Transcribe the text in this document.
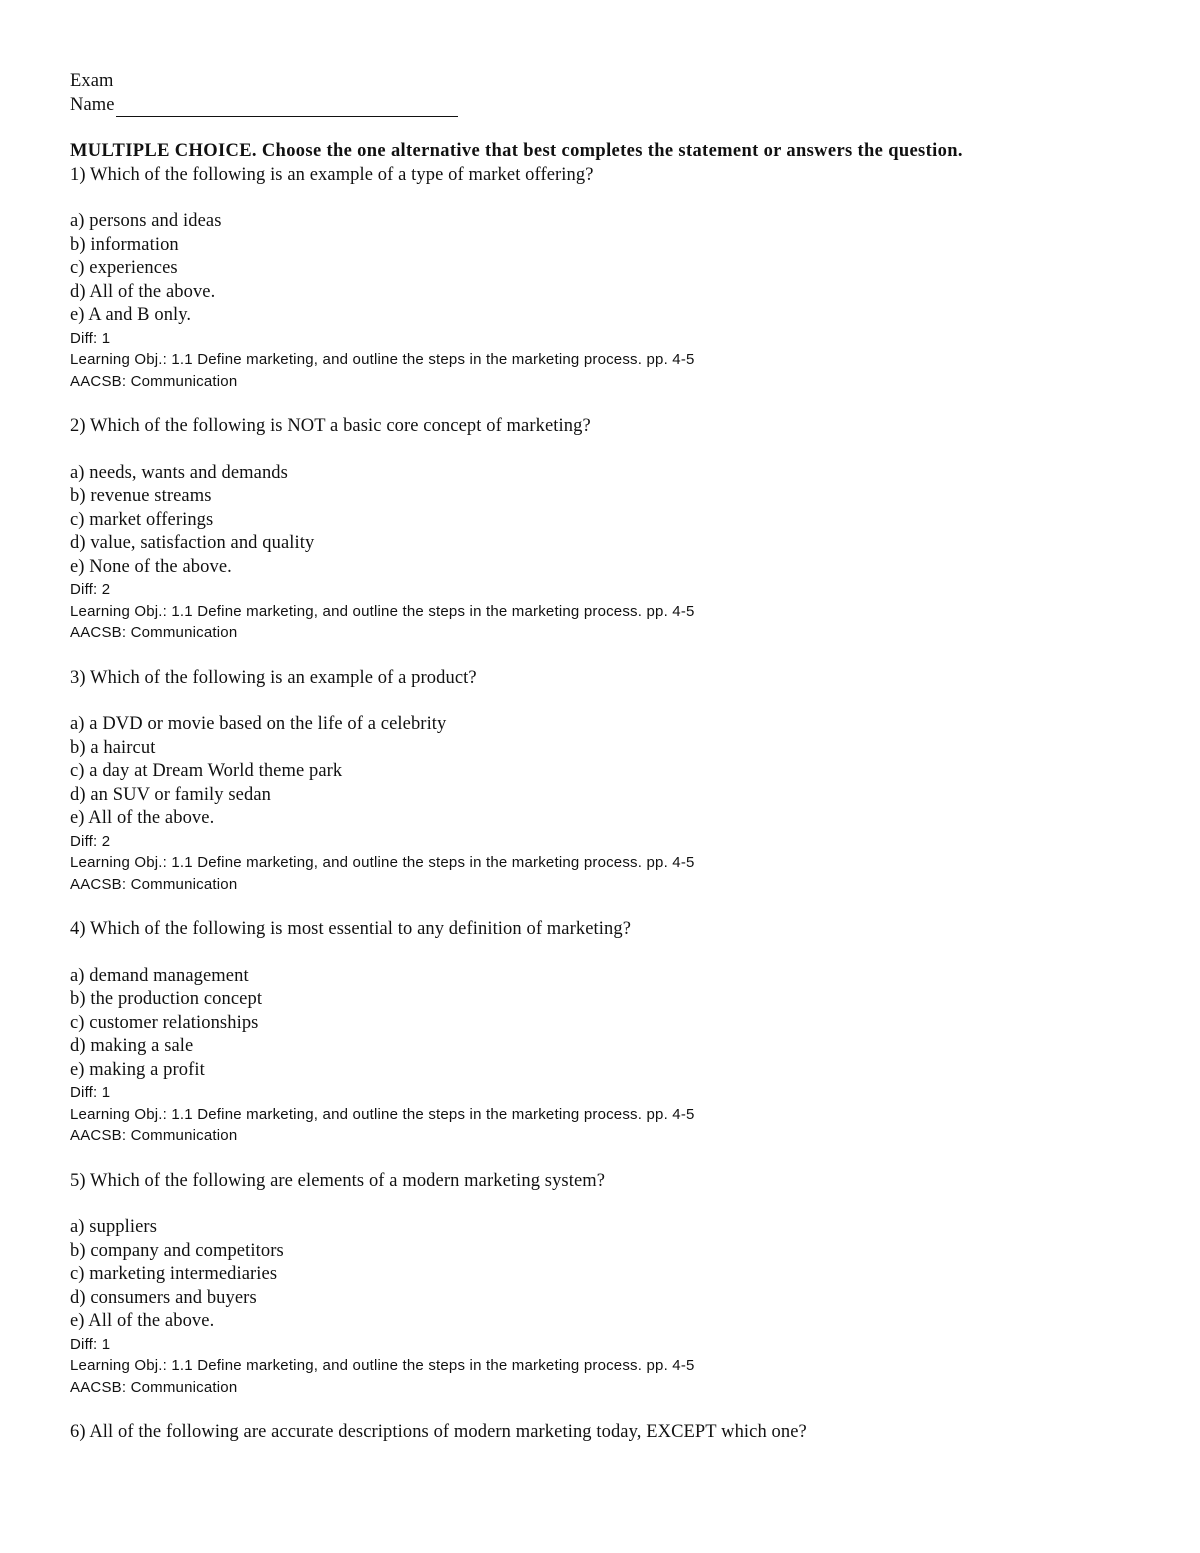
Exam
Name
MULTIPLE CHOICE. Choose the one alternative that best completes the statement or answers the question.
1) Which of the following is an example of a type of market offering?
a) persons and ideas
b) information
c) experiences
d) All of the above.
e) A and B only.
Diff: 1
Learning Obj.: 1.1 Define marketing, and outline the steps in the marketing process. pp. 4-5
AACSB: Communication
2) Which of the following is NOT a basic core concept of marketing?
a) needs, wants and demands
b) revenue streams
c) market offerings
d) value, satisfaction and quality
e) None of the above.
Diff: 2
Learning Obj.: 1.1 Define marketing, and outline the steps in the marketing process. pp. 4-5
AACSB: Communication
3) Which of the following is an example of a product?
a) a DVD or movie based on the life of a celebrity
b) a haircut
c) a day at Dream World theme park
d) an SUV or family sedan
e) All of the above.
Diff: 2
Learning Obj.: 1.1 Define marketing, and outline the steps in the marketing process. pp. 4-5
AACSB: Communication
4) Which of the following is most essential to any definition of marketing?
a) demand management
b) the production concept
c) customer relationships
d) making a sale
e) making a profit
Diff: 1
Learning Obj.: 1.1 Define marketing, and outline the steps in the marketing process. pp. 4-5
AACSB: Communication
5) Which of the following are elements of a modern marketing system?
a) suppliers
b) company and competitors
c) marketing intermediaries
d) consumers and buyers
e) All of the above.
Diff: 1
Learning Obj.: 1.1 Define marketing, and outline the steps in the marketing process. pp. 4-5
AACSB: Communication
6) All of the following are accurate descriptions of modern marketing today, EXCEPT which one?
